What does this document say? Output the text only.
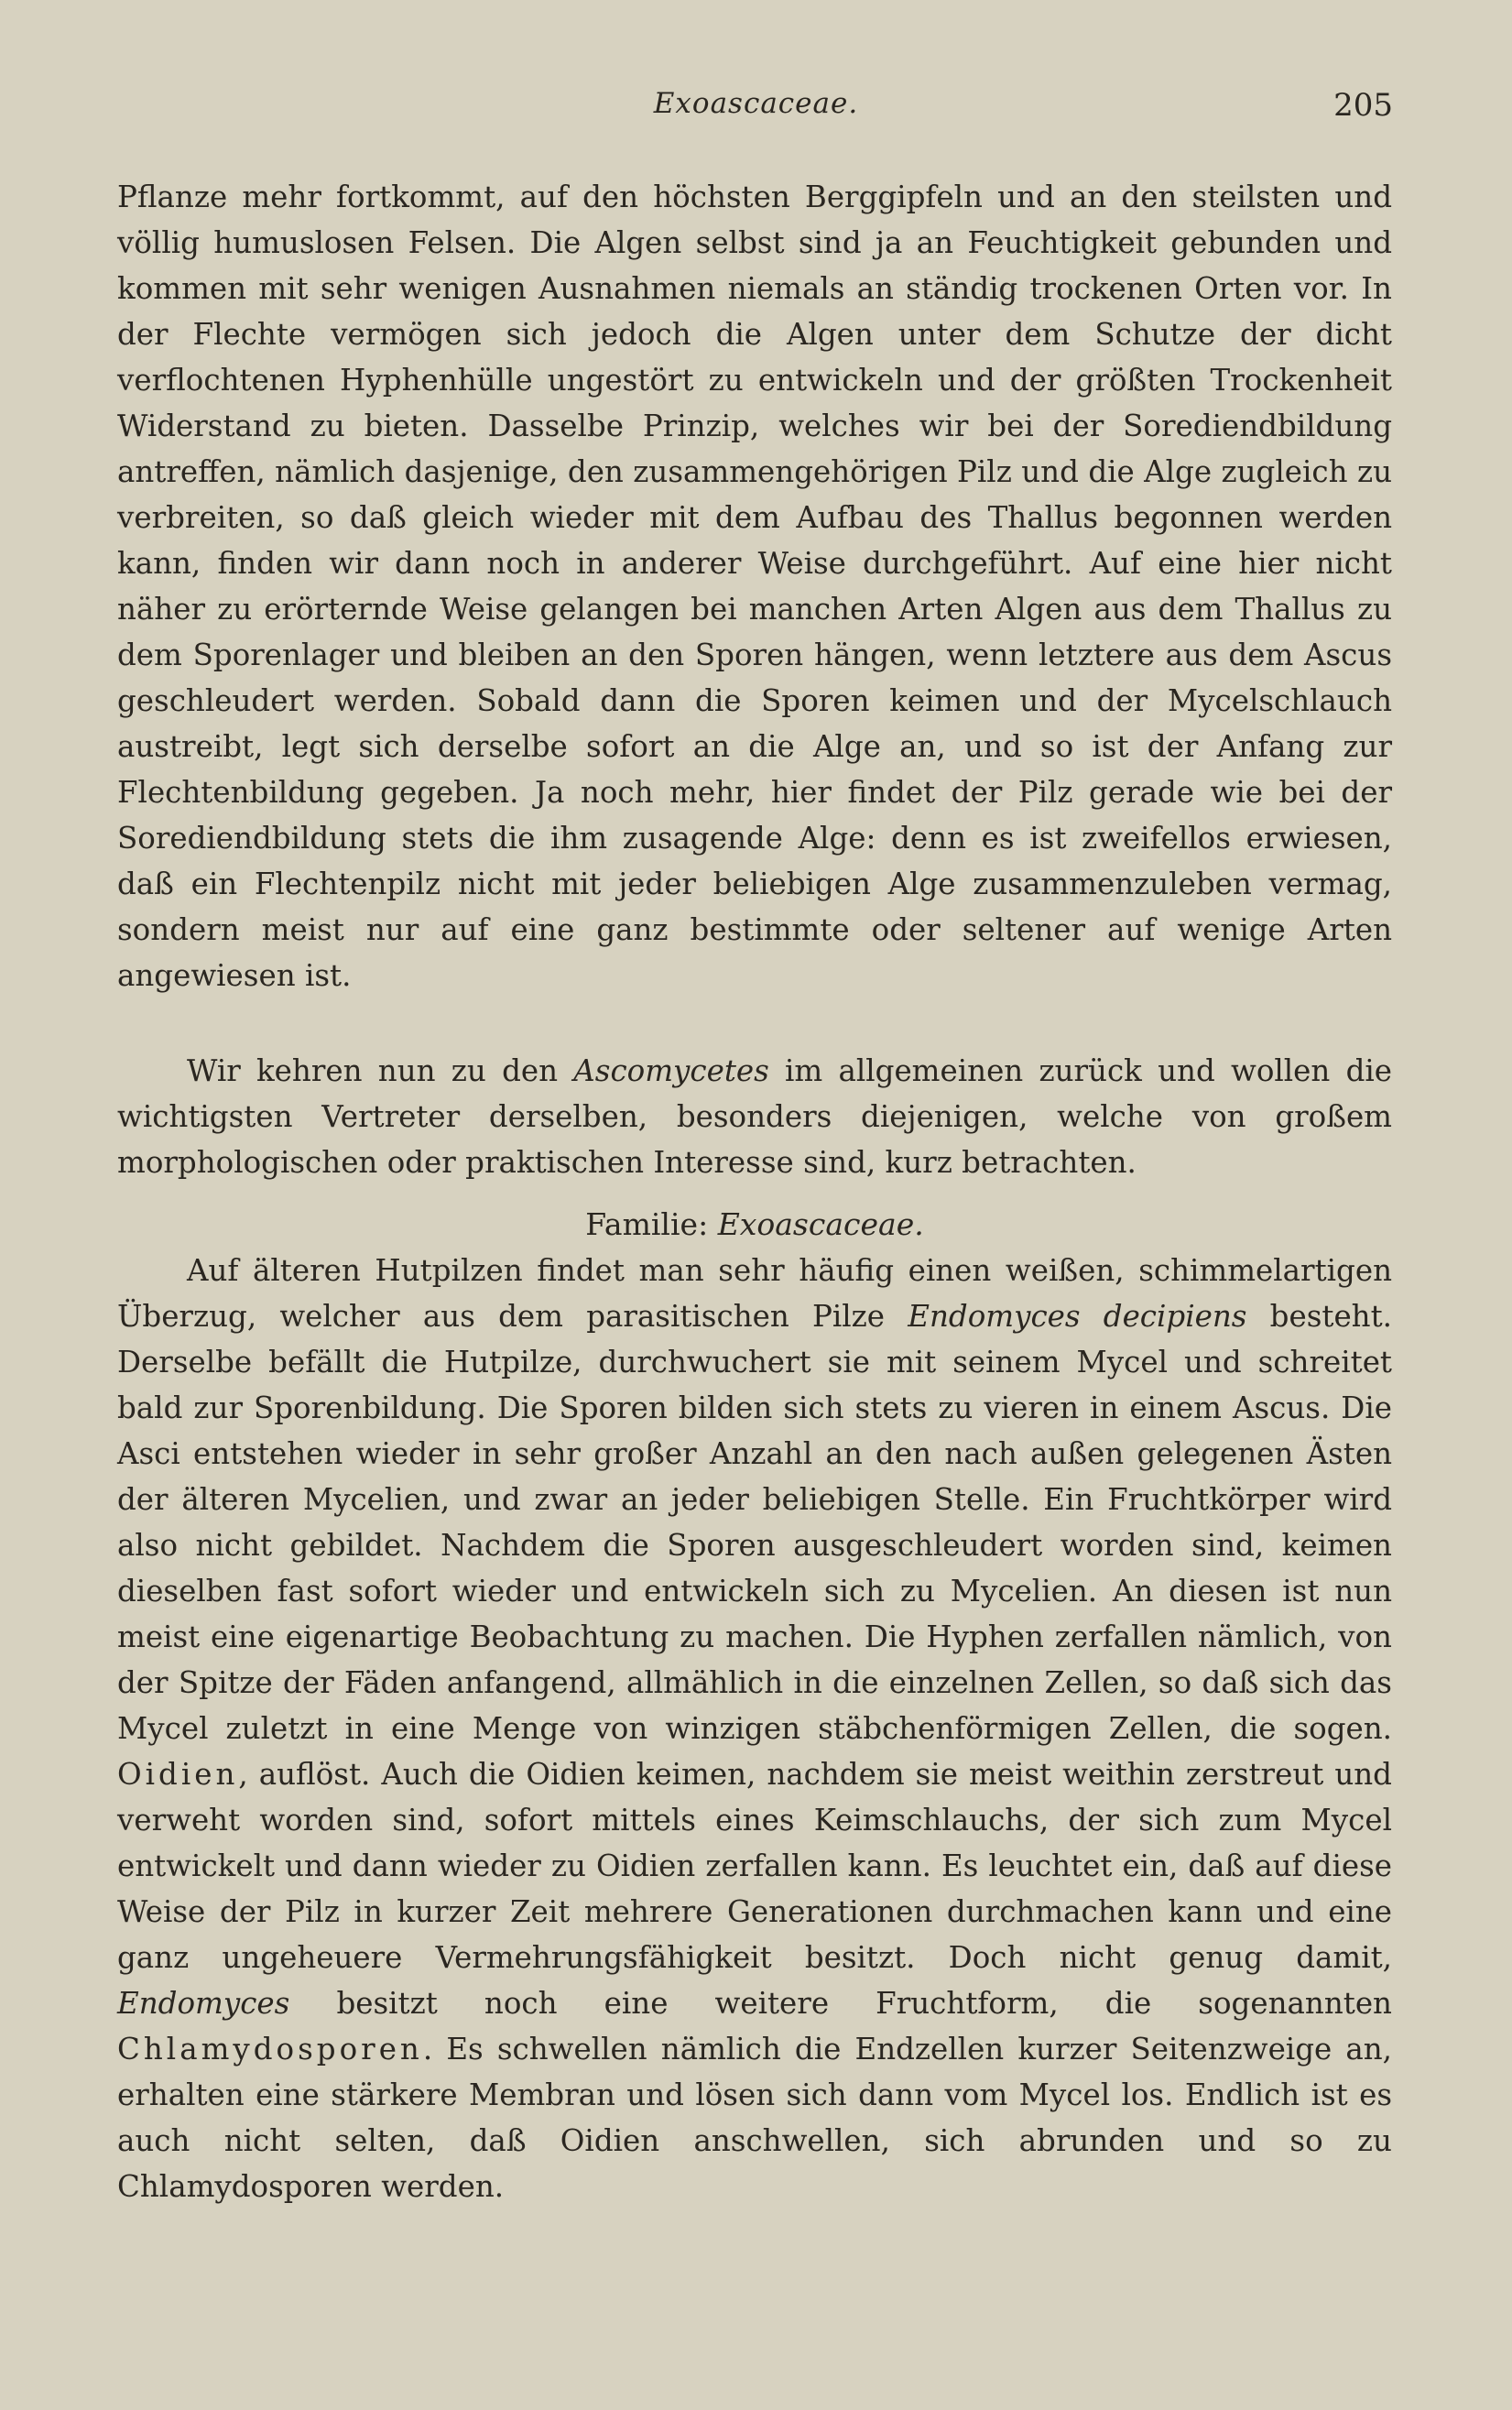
Exoascaceae.	205

Pflanze mehr fortkommt, auf den höchsten Berggipfeln und an den steilsten und völlig humuslosen Felsen. Die Algen selbst sind ja an Feuchtigkeit gebunden und kommen mit sehr wenigen Ausnahmen niemals an ständig trockenen Orten vor. In der Flechte vermögen sich jedoch die Algen unter dem Schutze der dicht verflochtenen Hyphenhülle ungestört zu entwickeln und der größten Trockenheit Widerstand zu bieten. Dasselbe Prinzip, welches wir bei der Sorediendbildung antreffen, nämlich dasjenige, den zusammengehörigen Pilz und die Alge zugleich zu verbreiten, so daß gleich wieder mit dem Aufbau des Thallus begonnen werden kann, finden wir dann noch in anderer Weise durchgeführt. Auf eine hier nicht näher zu erörternde Weise gelangen bei manchen Arten Algen aus dem Thallus zu dem Sporenlager und bleiben an den Sporen hängen, wenn letztere aus dem Ascus geschleudert werden. Sobald dann die Sporen keimen und der Mycelschlauch austreibt, legt sich derselbe sofort an die Alge an, und so ist der Anfang zur Flechtenbildung gegeben. Ja noch mehr, hier findet der Pilz gerade wie bei der Sorediendbildung stets die ihm zusagende Alge: denn es ist zweifellos erwiesen, daß ein Flechtenpilz nicht mit jeder beliebigen Alge zusammenzuleben vermag, sondern meist nur auf eine ganz bestimmte oder seltener auf wenige Arten angewiesen ist.

Wir kehren nun zu den Ascomycetes im allgemeinen zurück und wollen die wichtigsten Vertreter derselben, besonders diejenigen, welche von großem morphologischen oder praktischen Interesse sind, kurz betrachten.

Familie: Exoascaceae.

Auf älteren Hutpilzen findet man sehr häufig einen weißen, schimmelartigen Überzug, welcher aus dem parasitischen Pilze Endomyces decipiens besteht. Derselbe befällt die Hutpilze, durchwuchert sie mit seinem Mycel und schreitet bald zur Sporenbildung. Die Sporen bilden sich stets zu vieren in einem Ascus. Die Asci entstehen wieder in sehr großer Anzahl an den nach außen gelegenen Ästen der älteren Mycelien, und zwar an jeder beliebigen Stelle. Ein Fruchtkörper wird also nicht gebildet. Nachdem die Sporen ausgeschleudert worden sind, keimen dieselben fast sofort wieder und entwickeln sich zu Mycelien. An diesen ist nun meist eine eigenartige Beobachtung zu machen. Die Hyphen zerfallen nämlich, von der Spitze der Fäden anfangend, allmählich in die einzelnen Zellen, so daß sich das Mycel zuletzt in eine Menge von winzigen stäbchenförmigen Zellen, die sogen. Oidien, auflöst. Auch die Oidien keimen, nachdem sie meist weithin zerstreut und verweht worden sind, sofort mittels eines Keimschlauchs, der sich zum Mycel entwickelt und dann wieder zu Oidien zerfallen kann. Es leuchtet ein, daß auf diese Weise der Pilz in kurzer Zeit mehrere Generationen durchmachen kann und eine ganz ungeheuere Vermehrungsfähigkeit besitzt. Doch nicht genug damit, Endomyces besitzt noch eine weitere Fruchtform, die sogenannten Chlamydosporen. Es schwellen nämlich die Endzellen kurzer Seitenzweige an, erhalten eine stärkere Membran und lösen sich dann vom Mycel los. Endlich ist es auch nicht selten, daß Oidien anschwellen, sich abrunden und so zu Chlamydosporen werden.
